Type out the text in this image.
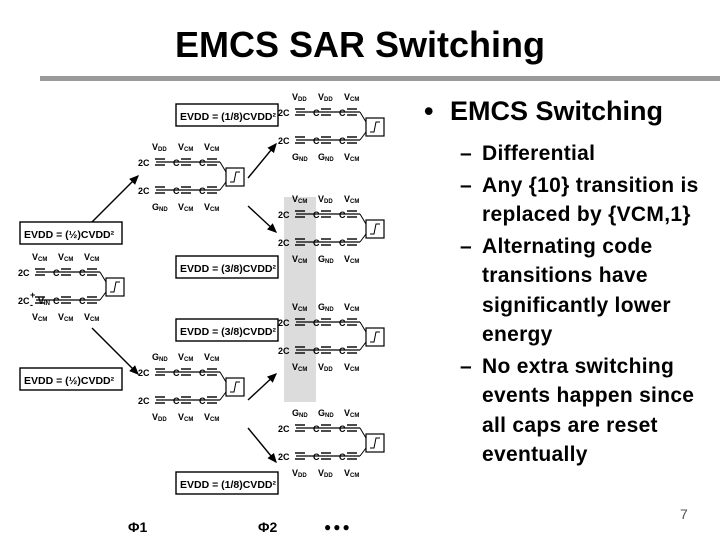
EMCS SAR Switching
EVDD = (1/8)CVDD²
EVDD = (½)CVDD²
EVDD = (3/8)CVDD²
EVDD = (3/8)CVDD²
EVDD = (½)CVDD²
EVDD = (1/8)CVDD²
VCM VCM VCM
2C	C C
2C	C C
VCM VCM VCM
VDD VCM VCM
2C	C C
2C	C C
GND VCM VCM
GND VCM VCM
2C	C C
2C	C C
VDD VCM VCM
VDD VDD VCM
2C	C C
2C	C C
GND GND VCM
VCM VDD VCM
2C	C C
2C	C C
VCM GND VCM
VCM GND VCM
2C	C C
2C	C C
VCM VDD VCM
GND GND VCM
2C	C C
2C	C C
VDD VDD VCM
+
- VIN
Φ1	Φ2	●●●
• EMCS Switching
– Differential
– Any {10} transition is replaced by {VCM,1}
– Alternating code transitions have significantly lower energy
– No extra switching events happen since all caps are reset eventually
7
